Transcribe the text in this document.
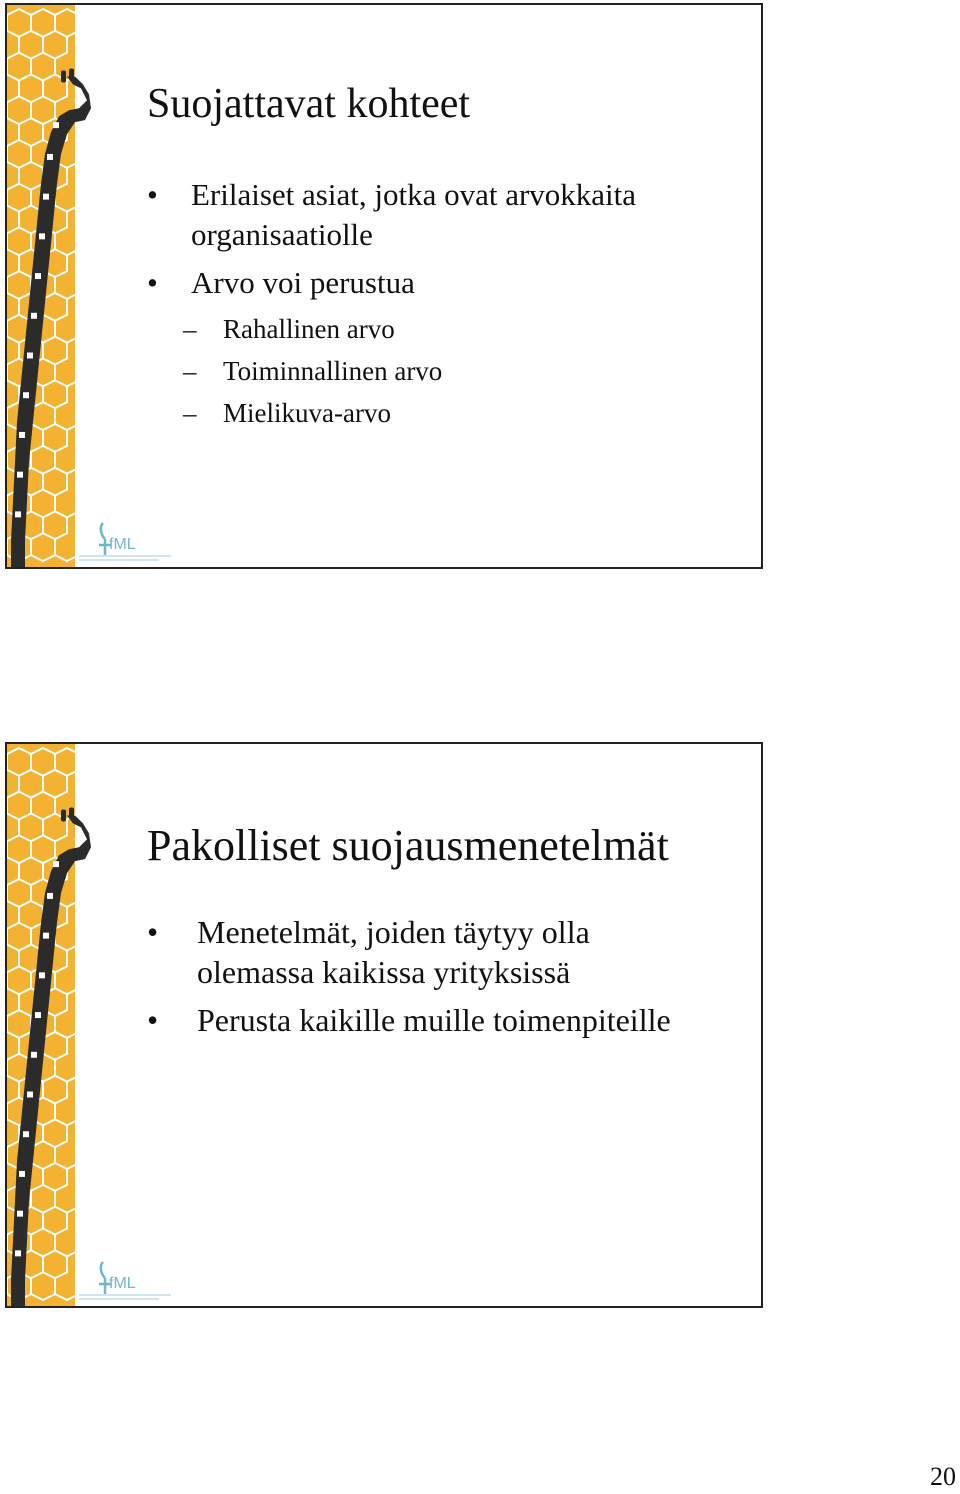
fML
Suojattavat kohteet
• Erilaiset asiat, jotka ovat arvokkaita
organisaatiolle
• Arvo voi perustua
– Rahallinen arvo
– Toiminnallinen arvo
– Mielikuva-arvo
fML
Pakolliset suojausmenetelmät
• Menetelmät, joiden täytyy olla
olemassa kaikissa yrityksissä
• Perusta kaikille muille toimenpiteille
20
